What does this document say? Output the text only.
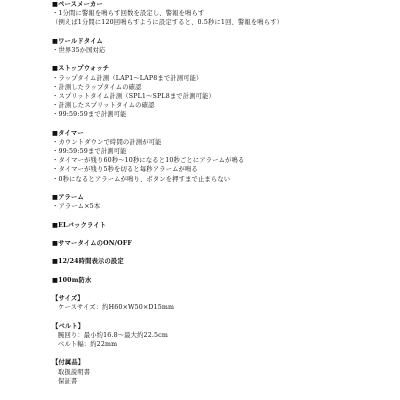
■ペースメーカー
・1分間に警報を鳴らす回数を設定し、警報を鳴らす
（例えば1分間に120回鳴らすように設定すると、0.5秒に1回、警報を鳴らす）
■ワールドタイム
・世界35か国対応
■ストップウォッチ
・ラップタイム計測（LAP1～LAP8まで計測可能）
・計測したラップタイムの確認
・スプリットタイム計測（SPL1～SPL8まで計測可能）
・計測したスプリットタイムの確認
・99:59:59まで計測可能
■タイマー
・カウントダウンで時間の計測が可能
・99:59:59まで計測可能
・タイマーが残り60秒～10秒になると10秒ごとにアラームが鳴る
・タイマーが残り5秒を切ると毎秒アラームが鳴る
・0秒になるとアラームが鳴り、ボタンを押すまで止まらない
■アラーム
・アラーム×5本
■ELバックライト
■サマータイムのON/OFF
■12/24時間表示の設定
■100m防水
【サイズ】
ケースサイズ：約H60×W50×D15mm
【ベルト】
腕回り：最小約16.8～最大約22.5cm
ベルト幅：約22mm
【付属品】
取扱説明書
保証書
